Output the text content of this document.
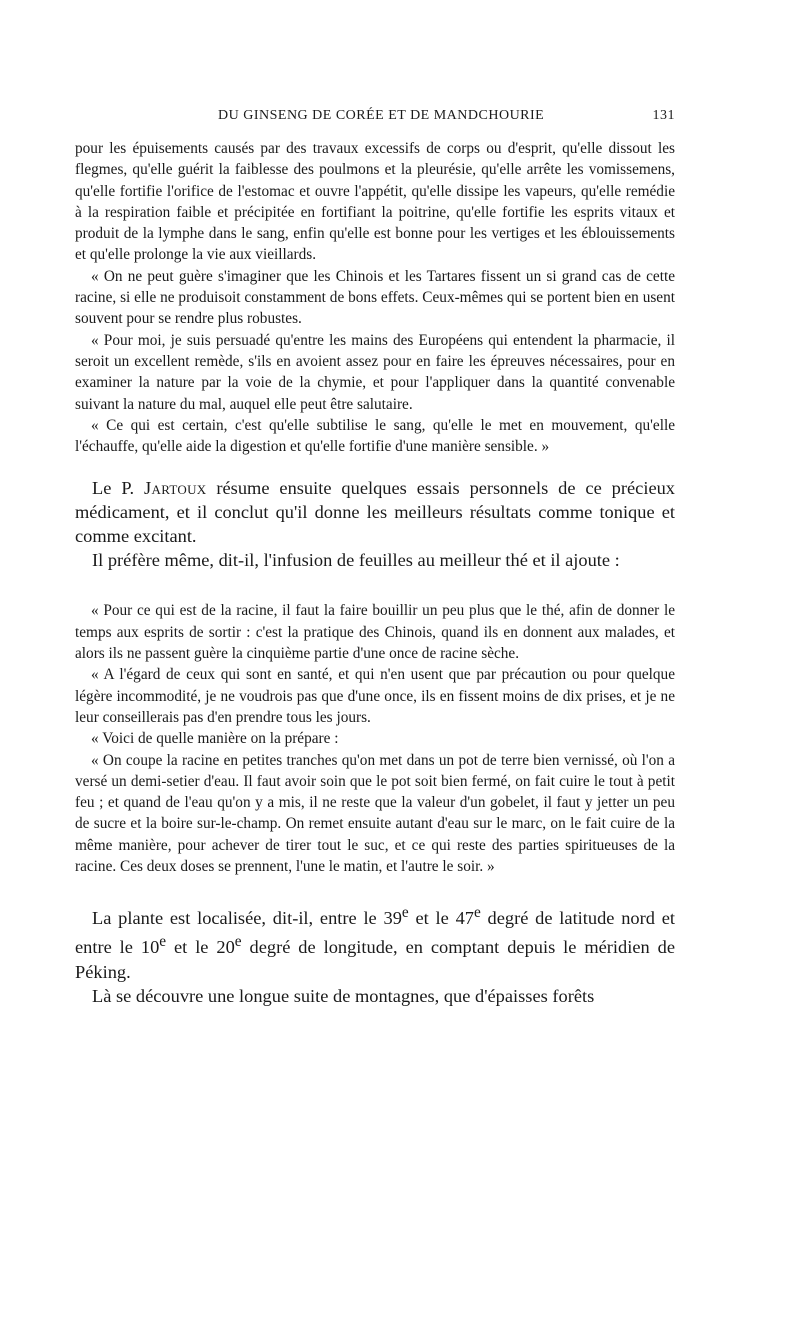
DU GINSENG DE CORÉE ET DE MANDCHOURIE	131

pour les épuisements causés par des travaux excessifs de corps ou d'esprit, qu'elle dissout les flegmes, qu'elle guérit la faiblesse des poulmons et la pleurésie, qu'elle arrête les vomissemens, qu'elle fortifie l'orifice de l'estomac et ouvre l'appétit, qu'elle dissipe les vapeurs, qu'elle remédie à la respiration faible et précipitée en fortifiant la poitrine, qu'elle fortifie les esprits vitaux et produit de la lymphe dans le sang, enfin qu'elle est bonne pour les vertiges et les éblouissements et qu'elle prolonge la vie aux vieillards.

« On ne peut guère s'imaginer que les Chinois et les Tartares fissent un si grand cas de cette racine, si elle ne produisoit constamment de bons effets. Ceux-mêmes qui se portent bien en usent souvent pour se rendre plus robustes.

« Pour moi, je suis persuadé qu'entre les mains des Européens qui entendent la pharmacie, il seroit un excellent remède, s'ils en avoient assez pour en faire les épreuves nécessaires, pour en examiner la nature par la voie de la chymie, et pour l'appliquer dans la quantité convenable suivant la nature du mal, auquel elle peut être salutaire.

« Ce qui est certain, c'est qu'elle subtilise le sang, qu'elle le met en mouvement, qu'elle l'échauffe, qu'elle aide la digestion et qu'elle fortifie d'une manière sensible. »

Le P. Jartoux résume ensuite quelques essais personnels de ce précieux médicament, et il conclut qu'il donne les meilleurs résultats comme tonique et comme excitant.

Il préfère même, dit-il, l'infusion de feuilles au meilleur thé et il ajoute :

« Pour ce qui est de la racine, il faut la faire bouillir un peu plus que le thé, afin de donner le temps aux esprits de sortir : c'est la pratique des Chinois, quand ils en donnent aux malades, et alors ils ne passent guère la cinquième partie d'une once de racine sèche.

« A l'égard de ceux qui sont en santé, et qui n'en usent que par précaution ou pour quelque légère incommodité, je ne voudrois pas que d'une once, ils en fissent moins de dix prises, et je ne leur conseillerais pas d'en prendre tous les jours.

« Voici de quelle manière on la prépare :

« On coupe la racine en petites tranches qu'on met dans un pot de terre bien vernissé, où l'on a versé un demi-setier d'eau. Il faut avoir soin que le pot soit bien fermé, on fait cuire le tout à petit feu ; et quand de l'eau qu'on y a mis, il ne reste que la valeur d'un gobelet, il faut y jetter un peu de sucre et la boire sur-le-champ. On remet ensuite autant d'eau sur le marc, on le fait cuire de la même manière, pour achever de tirer tout le suc, et ce qui reste des parties spiritueuses de la racine. Ces deux doses se prennent, l'une le matin, et l'autre le soir. »

La plante est localisée, dit-il, entre le 39e et le 47e degré de latitude nord et entre le 10e et le 20e degré de longitude, en comptant depuis le méridien de Péking.

Là se découvre une longue suite de montagnes, que d'épaisses forêts
